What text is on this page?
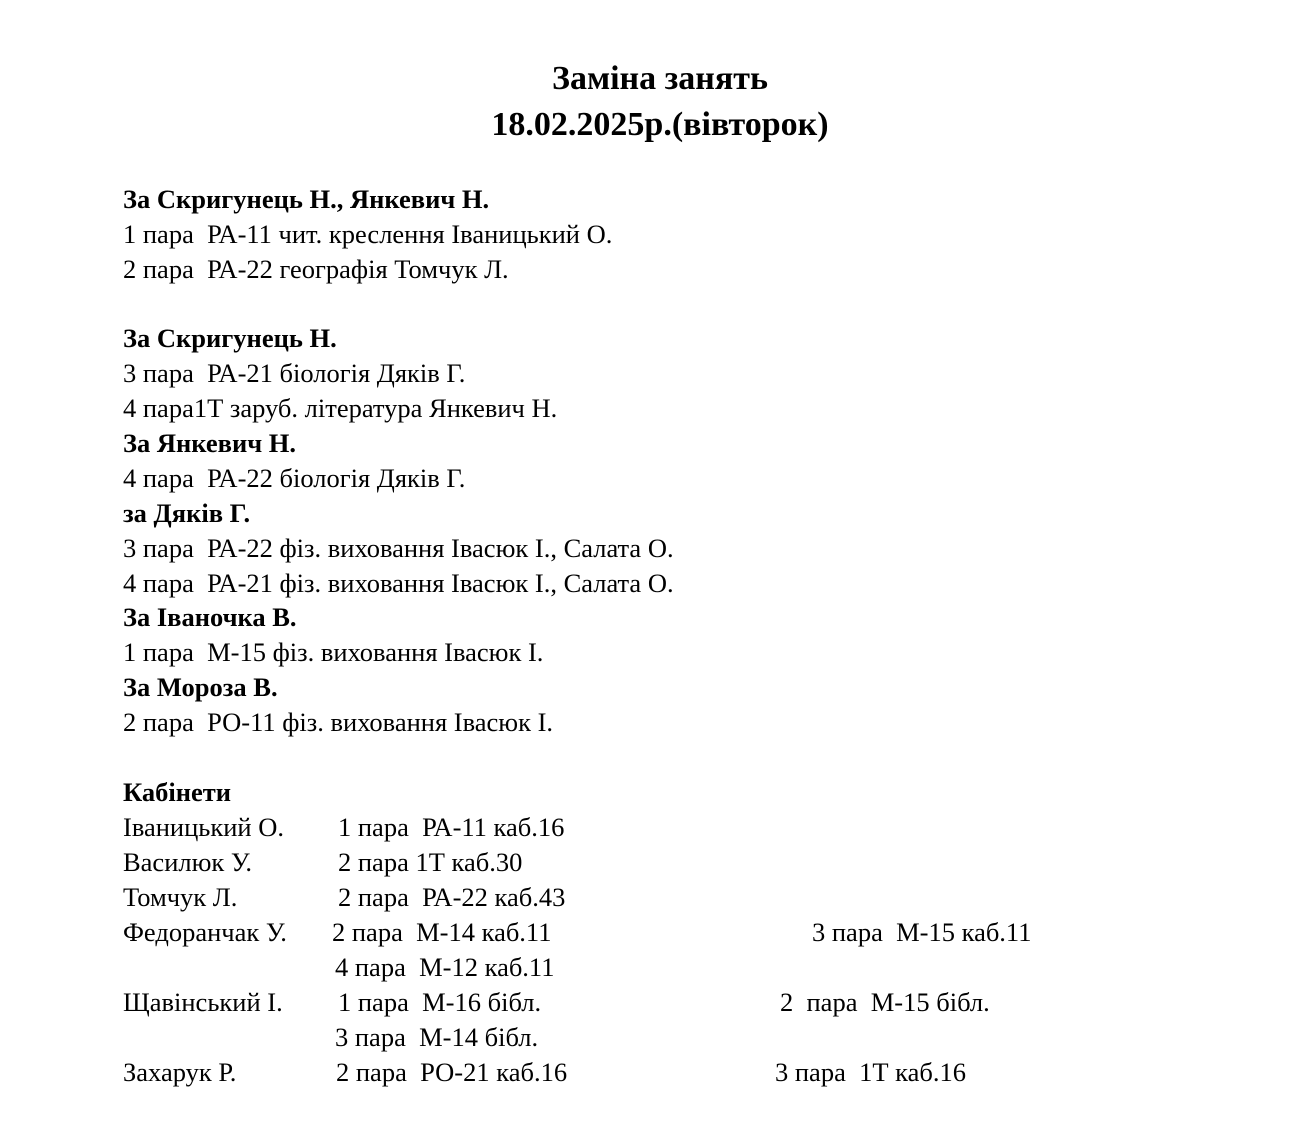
Заміна занять
18.02.2025р.(вівторок)
За Скригунець Н., Янкевич Н.
1 пара  РА-11 чит. креслення Іваницький О.
2 пара  РА-22 географія Томчук Л.
За Скригунець Н.
3 пара  РА-21 біологія Дяків Г.
4 пара1Т заруб. література Янкевич Н.
За Янкевич Н.
4 пара  РА-22 біологія Дяків Г.
за Дяків Г.
3 пара  РА-22 фіз. виховання Івасюк І., Салата О.
4 пара  РА-21 фіз. виховання Івасюк І., Салата О.
За Іваночка В.
1 пара  М-15 фіз. виховання Івасюк І.
За Мороза В.
2 пара  РО-11 фіз. виховання Івасюк І.
Кабінети
Іваницький О. 1 пара  РА-11 каб.16
Василюк У.	2 пара 1Т каб.30
Томчук Л.	2 пара  РА-22 каб.43
Федоранчак У. 2 пара  М-14 каб.11	3 пара  М-15 каб.11
4 пара  М-12 каб.11
Щавінський І. 1 пара  М-16 бібл.	2  пара  М-15 бібл.
3 пара  М-14 бібл.
Захарук Р.	2 пара  РО-21 каб.16	3 пара  1Т каб.16
